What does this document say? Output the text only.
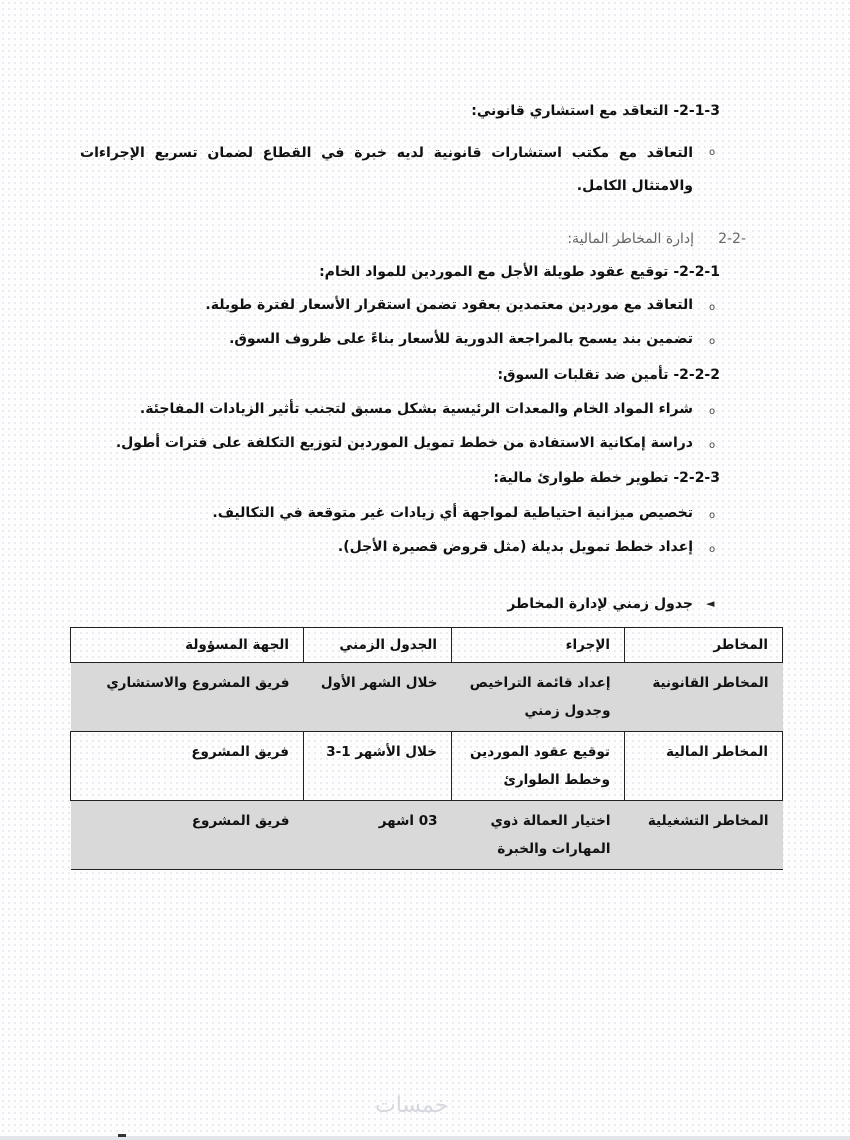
2-1-3- التعاقد مع استشاري قانوني:
o
التعاقد مع مكتب استشارات قانونية لديه خبرة في القطاع لضمان تسريع الإجراءات والامتثال الكامل.
-2-2
إدارة المخاطر المالية:
2-2-1- توقيع عقود طويلة الأجل مع الموردين للمواد الخام:
o
التعاقد مع موردين معتمدين بعقود تضمن استقرار الأسعار لفترة طويلة.
o
تضمين بند يسمح بالمراجعة الدورية للأسعار بناءً على ظروف السوق.
2-2-2- تأمين ضد تقلبات السوق:
o
شراء المواد الخام والمعدات الرئيسية بشكل مسبق لتجنب تأثير الزيادات المفاجئة.
o
دراسة إمكانية الاستفادة من خطط تمويل الموردين لتوزيع التكلفة على فترات أطول.
2-2-3- تطوير خطة طوارئ مالية:
o
تخصيص ميزانية احتياطية لمواجهة أي زيادات غير متوقعة في التكاليف.
o
إعداد خطط تمويل بديلة (مثل قروض قصيرة الأجل).
◄
جدول زمني لإدارة المخاطر
المخاطر	الإجراء	الجدول الزمني	الجهة المسؤولة
المخاطر القانونية	إعداد قائمة التراخيص وجدول زمني	خلال الشهر الأول	فريق المشروع والاستشاري
المخاطر المالية	توقيع عقود الموردين وخطط الطوارئ	خلال الأشهر 1-3	فريق المشروع
المخاطر التشغيلية	اختيار العمالة ذوي المهارات والخبرة	03 اشهر	فريق المشروع
خمسات
